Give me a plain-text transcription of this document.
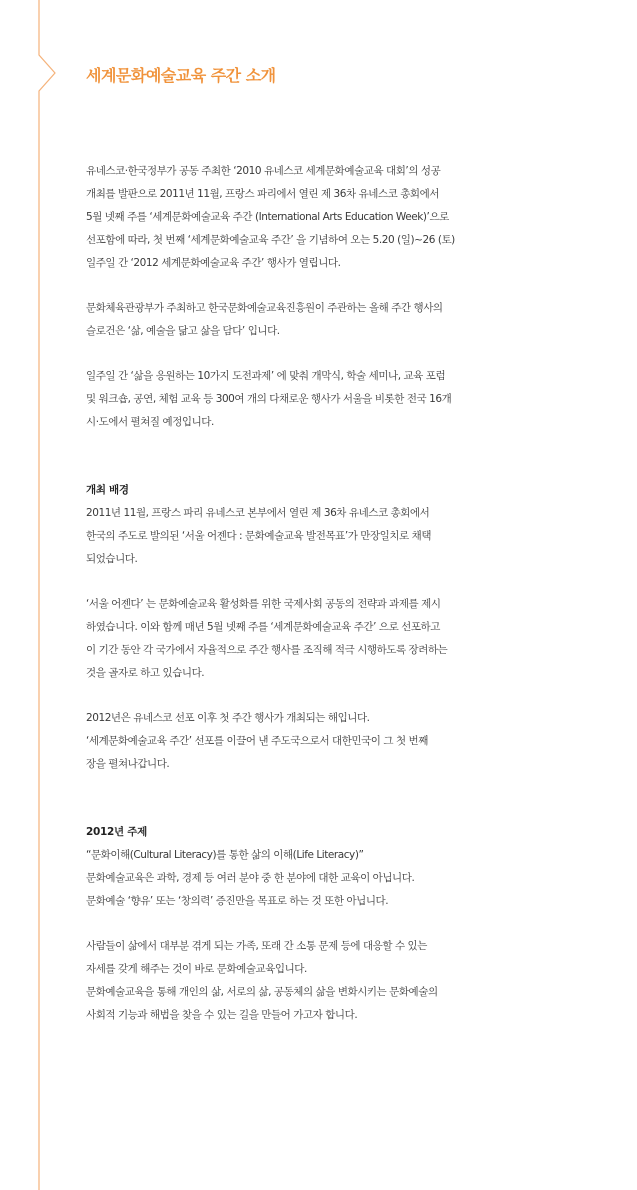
세계문화예술교육 주간 소개

유네스코·한국정부가 공동 주최한 ‘2010 유네스코 세계문화예술교육 대회’의 성공
개최를 발판으로 2011년 11월, 프랑스 파리에서 열린 제 36차 유네스코 총회에서
5월 넷째 주를 ‘세계문화예술교육 주간 (International Arts Education Week)’으로
선포함에 따라, 첫 번째 ‘세계문화예술교육 주간’ 을 기념하여 오는 5.20 (일)~26 (토)
일주일 간 ‘2012 세계문화예술교육 주간’ 행사가 열립니다.

문화체육관광부가 주최하고 한국문화예술교육진흥원이 주관하는 올해 주간 행사의
슬로건은 ‘삶, 예술을 닮고 삶을 담다’ 입니다.

일주일 간 ‘삶을 응원하는 10가지 도전과제’ 에 맞춰 개막식, 학술 세미나, 교육 포럼
및 워크숍, 공연, 체험 교육 등 300여 개의 다채로운 행사가 서울을 비롯한 전국 16개
시·도에서 펼쳐질 예정입니다.

개최 배경

2011년 11월, 프랑스 파리 유네스코 본부에서 열린 제 36차 유네스코 총회에서
한국의 주도로 발의된 ‘서울 어젠다 : 문화예술교육 발전목표’가 만장일치로 채택
되었습니다.

‘서울 어젠다’ 는 문화예술교육 활성화를 위한 국제사회 공동의 전략과 과제를 제시
하였습니다. 이와 함께 매년 5월 넷째 주를 ‘세계문화예술교육 주간’ 으로 선포하고
이 기간 동안 각 국가에서 자율적으로 주간 행사를 조직해 적극 시행하도록 장려하는
것을 골자로 하고 있습니다.

2012년은 유네스코 선포 이후 첫 주간 행사가 개최되는 해입니다.
‘세계문화예술교육 주간’ 선포를 이끌어 낸 주도국으로서 대한민국이 그 첫 번째
장을 펼쳐나갑니다.

2012년 주제

“문화이해(Cultural Literacy)를 통한 삶의 이해(Life Literacy)”
문화예술교육은 과학, 경제 등 여러 분야 중 한 분야에 대한 교육이 아닙니다.
문화예술 ‘향유’ 또는 ‘창의력’ 증진만을 목표로 하는 것 또한 아닙니다.

사람들이 삶에서 대부분 겪게 되는 가족, 또래 간 소통 문제 등에 대응할 수 있는
자세를 갖게 해주는 것이 바로 문화예술교육입니다.
문화예술교육을 통해 개인의 삶, 서로의 삶, 공동체의 삶을 변화시키는 문화예술의
사회적 기능과 해법을 찾을 수 있는 길을 만들어 가고자 합니다.
